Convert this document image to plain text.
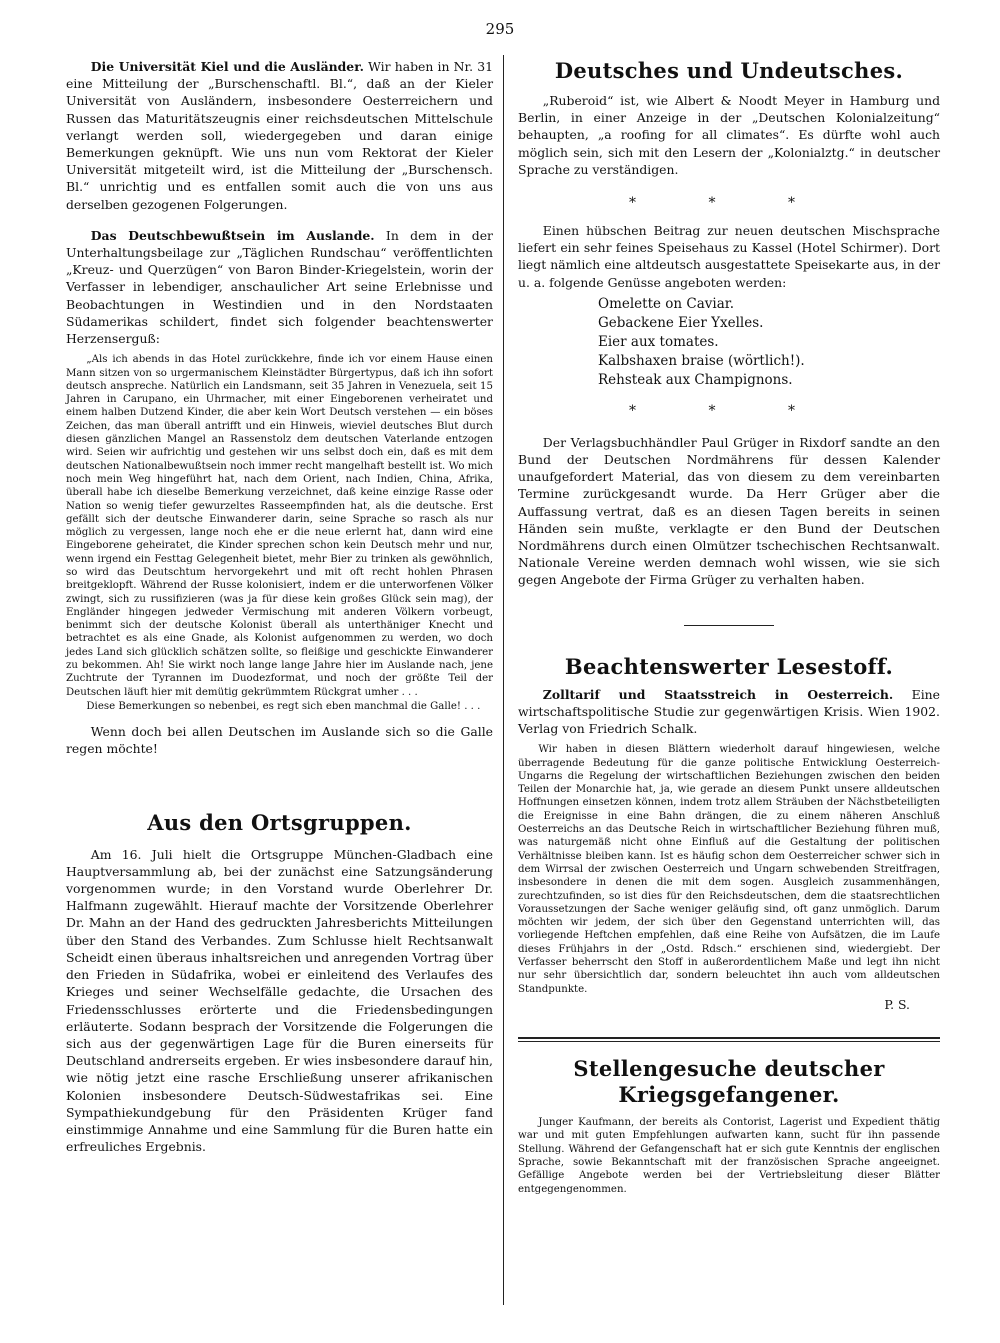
295

Die Universität Kiel und die Ausländer. Wir haben in Nr. 31 eine Mitteilung der „Burschenschaftl. Bl.“, daß an der Kieler Universität von Ausländern, insbesondere Oesterreichern und Russen das Maturitätszeugnis einer reichsdeutschen Mittelschule verlangt werden soll, wiedergegeben und daran einige Bemerkungen geknüpft. Wie uns nun vom Rektorat der Kieler Universität mitgeteilt wird, ist die Mitteilung der „Burschensch. Bl.“ unrichtig und es entfallen somit auch die von uns aus derselben gezogenen Folgerungen.

Das Deutschbewußtsein im Auslande. In dem in der Unterhaltungsbeilage zur „Täglichen Rundschau“ veröffentlichten „Kreuz- und Querzügen“ von Baron Binder-Kriegelstein, worin der Verfasser in lebendiger, anschaulicher Art seine Erlebnisse und Beobachtungen in Westindien und in den Nordstaaten Südamerikas schildert, findet sich folgender beachtenswerter Herzenserguß:

„Als ich abends in das Hotel zurückkehre, finde ich vor einem Hause einen Mann sitzen von so urgermanischem Kleinstädter Bürgertypus, daß ich ihn sofort deutsch anspreche. Natürlich ein Landsmann, seit 35 Jahren in Venezuela, seit 15 Jahren in Carupano, ein Uhrmacher, mit einer Eingeborenen verheiratet und einem halben Dutzend Kinder, die aber kein Wort Deutsch verstehen — ein böses Zeichen, das man überall antrifft und ein Hinweis, wieviel deutsches Blut durch diesen gänzlichen Mangel an Rassenstolz dem deutschen Vaterlande entzogen wird. Seien wir aufrichtig und gestehen wir uns selbst doch ein, daß es mit dem deutschen Nationalbewußtsein noch immer recht mangelhaft bestellt ist. Wo mich noch mein Weg hingeführt hat, nach dem Orient, nach Indien, China, Afrika, überall habe ich dieselbe Bemerkung verzeichnet, daß keine einzige Rasse oder Nation so wenig tiefer gewurzeltes Rasseempfinden hat, als die deutsche. Erst gefällt sich der deutsche Einwanderer darin, seine Sprache so rasch als nur möglich zu vergessen, lange noch ehe er die neue erlernt hat, dann wird eine Eingeborene geheiratet, die Kinder sprechen schon kein Deutsch mehr und nur, wenn irgend ein Festtag Gelegenheit bietet, mehr Bier zu trinken als gewöhnlich, so wird das Deutschtum hervorgekehrt und mit oft recht hohlen Phrasen breitgeklopft. Während der Russe kolonisiert, indem er die unterworfenen Völker zwingt, sich zu russifizieren (was ja für diese kein großes Glück sein mag), der Engländer hingegen jedweder Vermischung mit anderen Völkern vorbeugt, benimmt sich der deutsche Kolonist überall als unterthäniger Knecht und betrachtet es als eine Gnade, als Kolonist aufgenommen zu werden, wo doch jedes Land sich glücklich schätzen sollte, so fleißige und geschickte Einwanderer zu bekommen. Ah! Sie wirkt noch lange lange Jahre hier im Auslande nach, jene Zuchtrute der Tyrannen im Duodezformat, und noch der größte Teil der Deutschen läuft hier mit demütig gekrümmtem Rückgrat umher . . .

Diese Bemerkungen so nebenbei, es regt sich eben manchmal die Galle! . . .

Wenn doch bei allen Deutschen im Auslande sich so die Galle regen möchte!

Aus den Ortsgruppen.

Am 16. Juli hielt die Ortsgruppe München-Gladbach eine Hauptversammlung ab, bei der zunächst eine Satzungsänderung vorgenommen wurde; in den Vorstand wurde Oberlehrer Dr. Halfmann zugewählt. Hierauf machte der Vorsitzende Oberlehrer Dr. Mahn an der Hand des gedruckten Jahresberichts Mitteilungen über den Stand des Verbandes. Zum Schlusse hielt Rechtsanwalt Scheidt einen überaus inhaltsreichen und anregenden Vortrag über den Frieden in Südafrika, wobei er einleitend des Verlaufes des Krieges und seiner Wechselfälle gedachte, die Ursachen des Friedensschlusses erörterte und die Friedensbedingungen erläuterte. Sodann besprach der Vorsitzende die Folgerungen die sich aus der gegenwärtigen Lage für die Buren einerseits für Deutschland andrerseits ergeben. Er wies insbesondere darauf hin, wie nötig jetzt eine rasche Erschließung unserer afrikanischen Kolonien insbesondere Deutsch-Südwestafrikas sei. Eine Sympathiekundgebung für den Präsidenten Krüger fand einstimmige Annahme und eine Sammlung für die Buren hatte ein erfreuliches Ergebnis.

Deutsches und Undeutsches.

„Ruberoid“ ist, wie Albert & Noodt Meyer in Hamburg und Berlin, in einer Anzeige in der „Deutschen Kolonialzeitung“ behaupten, „a roofing for all climates“. Es dürfte wohl auch möglich sein, sich mit den Lesern der „Kolonialztg.“ in deutscher Sprache zu verständigen.

* * *

Einen hübschen Beitrag zur neuen deutschen Mischsprache liefert ein sehr feines Speisehaus zu Kassel (Hotel Schirmer). Dort liegt nämlich eine altdeutsch ausgestattete Speisekarte aus, in der u. a. folgende Genüsse angeboten werden:

Omelette on Caviar.
Gebackene Eier Yxelles.
Eier aux tomates.
Kalbshaxen braise (wörtlich!).
Rehsteak aux Champignons.
* * *

Der Verlagsbuchhändler Paul Grüger in Rixdorf sandte an den Bund der Deutschen Nordmährens für dessen Kalender unaufgefordert Material, das von diesem zu dem vereinbarten Termine zurückgesandt wurde. Da Herr Grüger aber die Auffassung vertrat, daß es an diesen Tagen bereits in seinen Händen sein mußte, verklagte er den Bund der Deutschen Nordmährens durch einen Olmützer tschechischen Rechtsanwalt. Nationale Vereine werden demnach wohl wissen, wie sie sich gegen Angebote der Firma Grüger zu verhalten haben.

Beachtenswerter Lesestoff.

Zolltarif und Staatsstreich in Oesterreich. Eine wirtschaftspolitische Studie zur gegenwärtigen Krisis. Wien 1902. Verlag von Friedrich Schalk.

Wir haben in diesen Blättern wiederholt darauf hingewiesen, welche überragende Bedeutung für die ganze politische Entwicklung Oesterreich-Ungarns die Regelung der wirtschaftlichen Beziehungen zwischen den beiden Teilen der Monarchie hat, ja, wie gerade an diesem Punkt unsere alldeutschen Hoffnungen einsetzen können, indem trotz allem Sträuben der Nächstbeteiligten die Ereignisse in eine Bahn drängen, die zu einem näheren Anschluß Oesterreichs an das Deutsche Reich in wirtschaftlicher Beziehung führen muß, was naturgemäß nicht ohne Einfluß auf die Gestaltung der politischen Verhältnisse bleiben kann. Ist es häufig schon dem Oesterreicher schwer sich in dem Wirrsal der zwischen Oesterreich und Ungarn schwebenden Streitfragen, insbesondere in denen die mit dem sogen. Ausgleich zusammenhängen, zurechtzufinden, so ist dies für den Reichsdeutschen, dem die staatsrechtlichen Voraussetzungen der Sache weniger geläufig sind, oft ganz unmöglich. Darum möchten wir jedem, der sich über den Gegenstand unterrichten will, das vorliegende Heftchen empfehlen, daß eine Reihe von Aufsätzen, die im Laufe dieses Frühjahrs in der „Ostd. Rdsch.“ erschienen sind, wiedergiebt. Der Verfasser beherrscht den Stoff in außerordentlichem Maße und legt ihn nicht nur sehr übersichtlich dar, sondern beleuchtet ihn auch vom alldeutschen Standpunkte.

P. S.
Stellengesuche deutscher Kriegsgefangener.

Junger Kaufmann, der bereits als Contorist, Lagerist und Expedient thätig war und mit guten Empfehlungen aufwarten kann, sucht für ihn passende Stellung. Während der Gefangenschaft hat er sich gute Kenntnis der englischen Sprache, sowie Bekanntschaft mit der französischen Sprache angeeignet. Gefällige Angebote werden bei der Vertriebsleitung dieser Blätter entgegengenommen.
